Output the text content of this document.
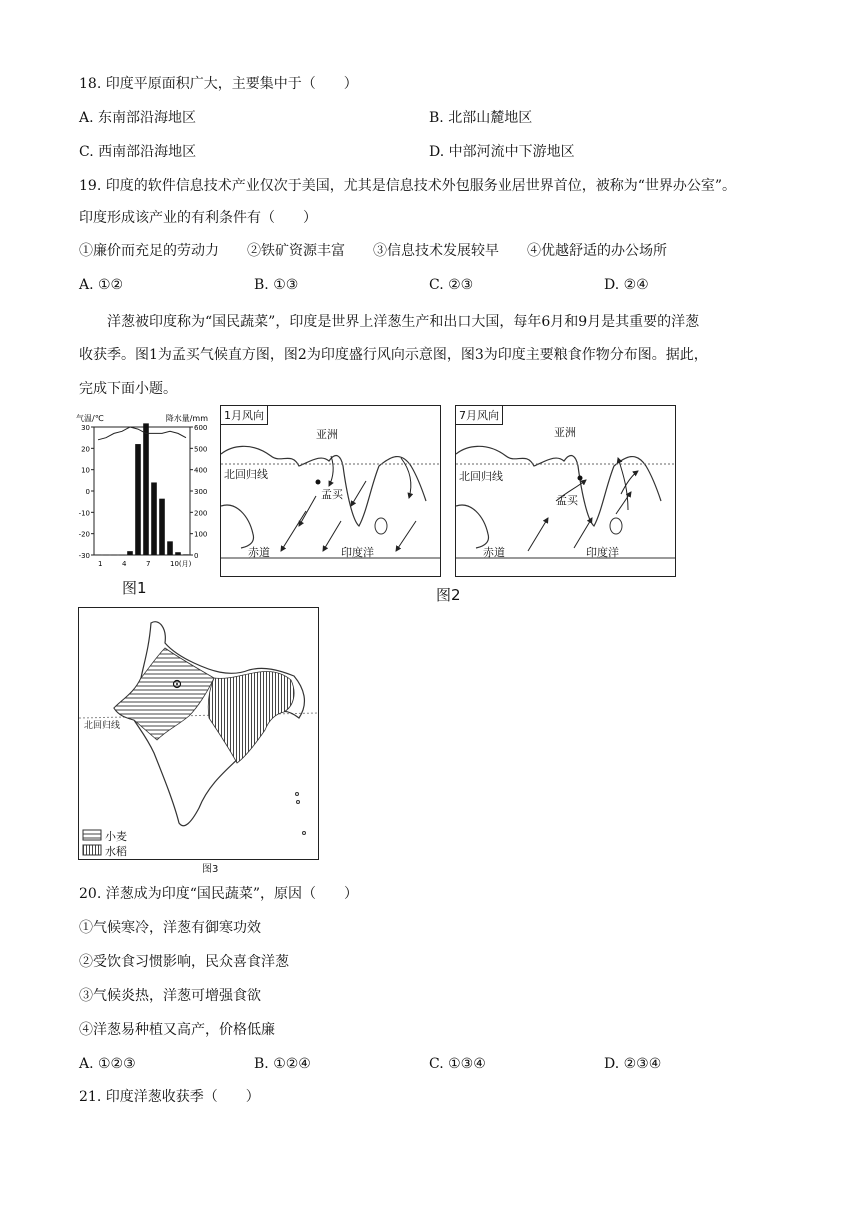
18. 印度平原面积广大，主要集中于（　　）
A. 东南部沿海地区	B. 北部山麓地区
C. 西南部沿海地区	D. 中部河流中下游地区
19. 印度的软件信息技术产业仅次于美国，尤其是信息技术外包服务业居世界首位，被称为“世界办公室”。
印度形成该产业的有利条件有（　　）
①廉价而充足的劳动力　　②铁矿资源丰富　　③信息技术发展较早　　④优越舒适的办公场所
A. ①②	B. ①③	C. ②③	D. ②④
洋葱被印度称为“国民蔬菜”，印度是世界上洋葱生产和出口大国，每年6月和9月是其重要的洋葱
收获季。图1为孟买气候直方图，图2为印度盛行风向示意图，图3为印度主要粮食作物分布图。据此，
完成下面小题。
气温/℃	降水量/mm
30
20
10
0
-10
-20
-30
600
500
400
300
200
100
0
1	4	7	10(月)
图1
1月风向
亚洲
北回归线
孟买
赤道	印度洋
7月风向
亚洲
北回归线
孟买
赤道	印度洋
图2
北回归线
小麦
水稻
图3
20. 洋葱成为印度“国民蔬菜”，原因（　　）
①气候寒冷，洋葱有御寒功效
②受饮食习惯影响，民众喜食洋葱
③气候炎热，洋葱可增强食欲
④洋葱易种植又高产，价格低廉
A. ①②③	B. ①②④	C. ①③④	D. ②③④
21. 印度洋葱收获季（　　）
